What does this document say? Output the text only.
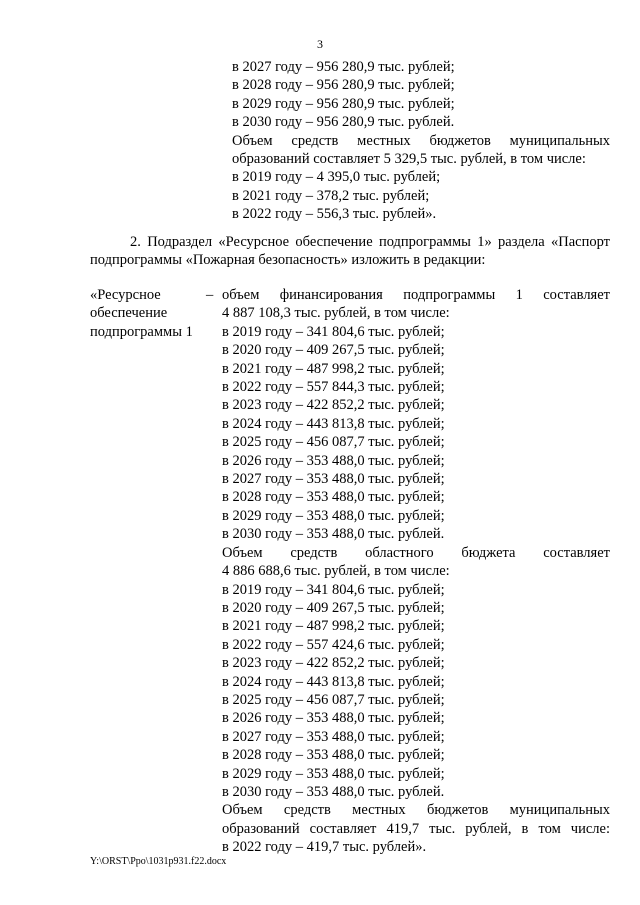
3
в 2027 году – 956 280,9 тыс. рублей;
в 2028 году – 956 280,9 тыс. рублей;
в 2029 году – 956 280,9 тыс. рублей;
в 2030 году – 956 280,9 тыс. рублей.
Объем средств местных бюджетов муниципальных
образований составляет 5 329,5 тыс. рублей, в том числе:
в 2019 году – 4 395,0 тыс. рублей;
в 2021 году – 378,2 тыс. рублей;
в 2022 году – 556,3 тыс. рублей».
2. Подраздел «Ресурсное обеспечение подпрограммы 1» раздела «Паспорт
подпрограммы «Пожарная безопасность» изложить в редакции:
«Ресурсное
обеспечение
подпрограммы 1
– объем финансирования подпрограммы 1 составляет
4 887 108,3 тыс. рублей, в том числе:
в 2019 году – 341 804,6 тыс. рублей;
в 2020 году – 409 267,5 тыс. рублей;
в 2021 году – 487 998,2 тыс. рублей;
в 2022 году – 557 844,3 тыс. рублей;
в 2023 году – 422 852,2 тыс. рублей;
в 2024 году – 443 813,8 тыс. рублей;
в 2025 году – 456 087,7 тыс. рублей;
в 2026 году – 353 488,0 тыс. рублей;
в 2027 году – 353 488,0 тыс. рублей;
в 2028 году – 353 488,0 тыс. рублей;
в 2029 году – 353 488,0 тыс. рублей;
в 2030 году – 353 488,0 тыс. рублей.
Объем средств областного бюджета составляет
4 886 688,6 тыс. рублей, в том числе:
в 2019 году – 341 804,6 тыс. рублей;
в 2020 году – 409 267,5 тыс. рублей;
в 2021 году – 487 998,2 тыс. рублей;
в 2022 году – 557 424,6 тыс. рублей;
в 2023 году – 422 852,2 тыс. рублей;
в 2024 году – 443 813,8 тыс. рублей;
в 2025 году – 456 087,7 тыс. рублей;
в 2026 году – 353 488,0 тыс. рублей;
в 2027 году – 353 488,0 тыс. рублей;
в 2028 году – 353 488,0 тыс. рублей;
в 2029 году – 353 488,0 тыс. рублей;
в 2030 году – 353 488,0 тыс. рублей.
Объем средств местных бюджетов муниципальных
образований составляет 419,7 тыс. рублей, в том числе:
в 2022 году – 419,7 тыс. рублей».
Y:\ORST\Ppo\1031p931.f22.docx
